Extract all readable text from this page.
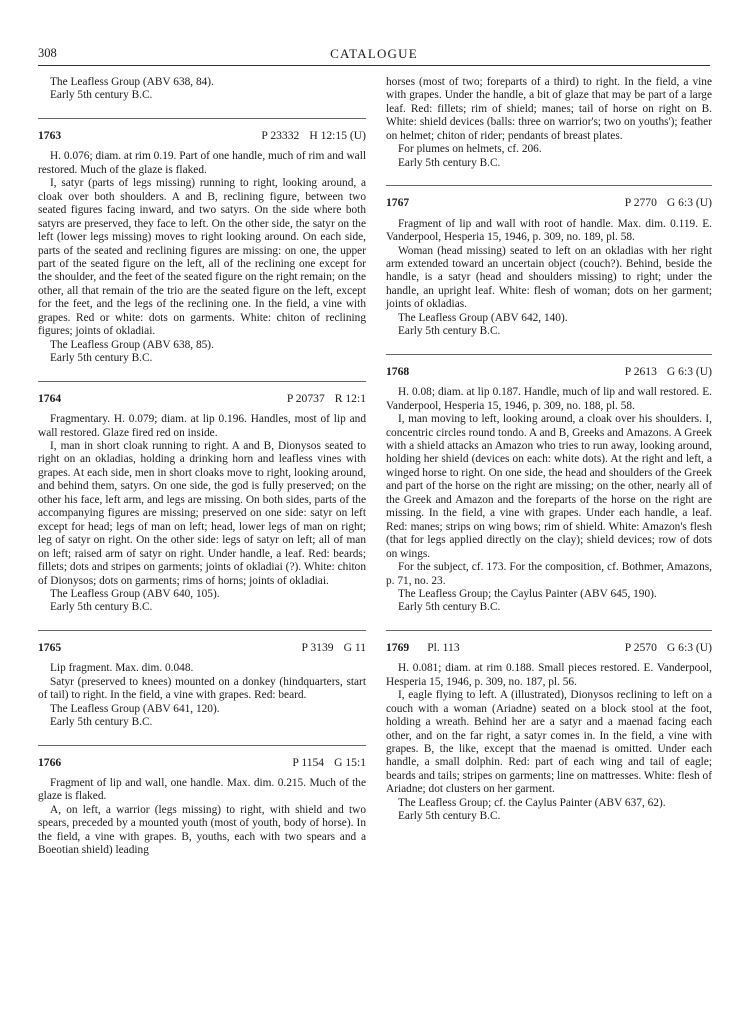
308	CATALOGUE

The Leafless Group (ABV 638, 84).

Early 5th century B.C.

1763	P 23332 H 12:15 (U)

H. 0.076; diam. at rim 0.19. Part of one handle, much of rim and wall restored. Much of the glaze is flaked.

I, satyr (parts of legs missing) running to right, looking around, a cloak over both shoulders. A and B, reclining figure, between two seated figures facing inward, and two satyrs. On the side where both satyrs are preserved, they face to left. On the other side, the satyr on the left (lower legs missing) moves to right looking around. On each side, parts of the seated and reclining figures are missing: on one, the upper part of the seated figure on the left, all of the reclining one except for the shoulder, and the feet of the seated figure on the right remain; on the other, all that remain of the trio are the seated figure on the left, except for the feet, and the legs of the reclining one. In the field, a vine with grapes. Red or white: dots on garments. White: chiton of reclining figures; joints of okladiai.

The Leafless Group (ABV 638, 85).

Early 5th century B.C.

1764	P 20737 R 12:1

Fragmentary. H. 0.079; diam. at lip 0.196. Handles, most of lip and wall restored. Glaze fired red on inside.

I, man in short cloak running to right. A and B, Dionysos seated to right on an okladias, holding a drinking horn and leafless vines with grapes. At each side, men in short cloaks move to right, looking around, and behind them, satyrs. On one side, the god is fully preserved; on the other his face, left arm, and legs are missing. On both sides, parts of the accompanying figures are missing; preserved on one side: satyr on left except for head; legs of man on left; head, lower legs of man on right; leg of satyr on right. On the other side: legs of satyr on left; all of man on left; raised arm of satyr on right. Under handle, a leaf. Red: beards; fillets; dots and stripes on garments; joints of okladiai (?). White: chiton of Dionysos; dots on garments; rims of horns; joints of okladiai.

The Leafless Group (ABV 640, 105).

Early 5th century B.C.

1765	P 3139 G 11

Lip fragment. Max. dim. 0.048.

Satyr (preserved to knees) mounted on a donkey (hindquarters, start of tail) to right. In the field, a vine with grapes. Red: beard.

The Leafless Group (ABV 641, 120).

Early 5th century B.C.

1766	P 1154 G 15:1

Fragment of lip and wall, one handle. Max. dim. 0.215. Much of the glaze is flaked.

A, on left, a warrior (legs missing) to right, with shield and two spears, preceded by a mounted youth (most of youth, body of horse). In the field, a vine with grapes. B, youths, each with two spears and a Boeotian shield) leading

horses (most of two; foreparts of a third) to right. In the field, a vine with grapes. Under the handle, a bit of glaze that may be part of a large leaf. Red: fillets; rim of shield; manes; tail of horse on right on B. White: shield devices (balls: three on warrior's; two on youths'); feather on helmet; chiton of rider; pendants of breast plates.

For plumes on helmets, cf. 206.

Early 5th century B.C.

1767	P 2770 G 6:3 (U)

Fragment of lip and wall with root of handle. Max. dim. 0.119. E. Vanderpool, Hesperia 15, 1946, p. 309, no. 189, pl. 58.

Woman (head missing) seated to left on an okladias with her right arm extended toward an uncertain object (couch?). Behind, beside the handle, is a satyr (head and shoulders missing) to right; under the handle, an upright leaf. White: flesh of woman; dots on her garment; joints of okladias.

The Leafless Group (ABV 642, 140).

Early 5th century B.C.

1768	P 2613 G 6:3 (U)

H. 0.08; diam. at lip 0.187. Handle, much of lip and wall restored. E. Vanderpool, Hesperia 15, 1946, p. 309, no. 188, pl. 58.

I, man moving to left, looking around, a cloak over his shoulders. I, concentric circles round tondo. A and B, Greeks and Amazons. A Greek with a shield attacks an Amazon who tries to run away, looking around, holding her shield (devices on each: white dots). At the right and left, a winged horse to right. On one side, the head and shoulders of the Greek and part of the horse on the right are missing; on the other, nearly all of the Greek and Amazon and the foreparts of the horse on the right are missing. In the field, a vine with grapes. Under each handle, a leaf. Red: manes; strips on wing bows; rim of shield. White: Amazon's flesh (that for legs applied directly on the clay); shield devices; row of dots on wings.

For the subject, cf. 173. For the composition, cf. Bothmer, Amazons, p. 71, no. 23.

The Leafless Group; the Caylus Painter (ABV 645, 190).

Early 5th century B.C.

1769 Pl. 113	P 2570 G 6:3 (U)

H. 0.081; diam. at rim 0.188. Small pieces restored. E. Vanderpool, Hesperia 15, 1946, p. 309, no. 187, pl. 56.

I, eagle flying to left. A (illustrated), Dionysos reclining to left on a couch with a woman (Ariadne) seated on a block stool at the foot, holding a wreath. Behind her are a satyr and a maenad facing each other, and on the far right, a satyr comes in. In the field, a vine with grapes. B, the like, except that the maenad is omitted. Under each handle, a small dolphin. Red: part of each wing and tail of eagle; beards and tails; stripes on garments; line on mattresses. White: flesh of Ariadne; dot clusters on her garment.

The Leafless Group; cf. the Caylus Painter (ABV 637, 62).

Early 5th century B.C.
